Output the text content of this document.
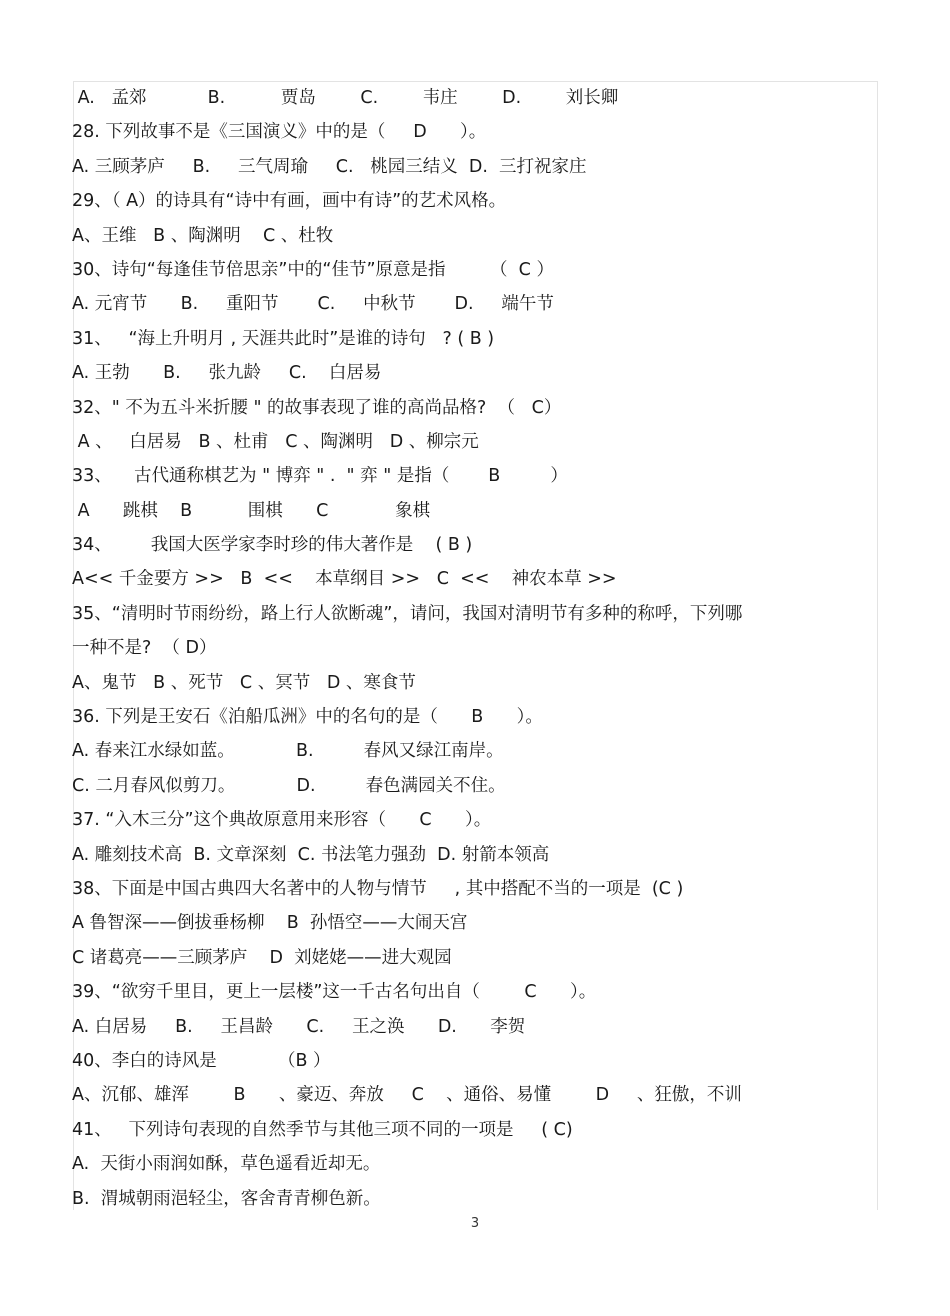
A.   孟郊           B.          贾岛        C.        韦庄        D.        刘长卿
28. 下列故事不是《三国演义》中的是（     D      ）。
A. 三顾茅庐     B.     三气周瑜     C.   桃园三结义  D.  三打祝家庄
29、（ A）的诗具有“诗中有画，画中有诗”的艺术风格。
A、王维   B 、陶渊明    C 、杜牧
30、诗句“每逢佳节倍思亲”中的“佳节”原意是指        （  C ）
A. 元宵节      B.     重阳节       C.     中秋节       D.     端午节
31、   “海上升明月 , 天涯共此时”是谁的诗句   ? ( B )
A. 王勃      B.     张九龄     C.    白居易
32、" 不为五斗米折腰 " 的故事表现了谁的高尚品格?  （   C）
A 、   白居易   B 、杜甫   C 、陶渊明   D 、柳宗元
33、    古代通称棋艺为 " 博弈 " .  " 弈 " 是指（       B         ）
A      跳棋    B          围棋      C            象棋
34、       我国大医学家李时珍的伟大著作是    ( B )
A<< 千金要方 >>   B  <<    本草纲目 >>   C  <<    神农本草 >>
35、“清明时节雨纷纷，路上行人欲断魂”，请问，我国对清明节有多种的称呼，下列哪
一种不是?  （ D）
A、鬼节   B 、死节   C 、冥节   D 、寒食节
36. 下列是王安石《泊船瓜洲》中的名句的是（      B      ）。
A. 春来江水绿如蓝。           B.         春风又绿江南岸。
C. 二月春风似剪刀。           D.         春色满园关不住。
37. “入木三分”这个典故原意用来形容（      C      ）。
A. 雕刻技术高  B. 文章深刻  C. 书法笔力强劲  D. 射箭本领高
38、下面是中国古典四大名著中的人物与情节     , 其中搭配不当的一项是  (C )
A 鲁智深——倒拔垂杨柳    B  孙悟空——大闹天宫
C 诸葛亮——三顾茅庐    D  刘姥姥——进大观园
39、“欲穷千里目，更上一层楼”这一千古名句出自（        C      ）。
A. 白居易     B.     王昌龄      C.     王之涣      D.      李贺
40、李白的诗风是           （B ）
A、沉郁、雄浑        B      、豪迈、奔放     C    、通俗、易懂        D     、狂傲，不训
41、   下列诗句表现的自然季节与其他三项不同的一项是     ( C)
A.  天街小雨润如酥，草色遥看近却无。
B.  渭城朝雨浥轻尘，客舍青青柳色新。
3
